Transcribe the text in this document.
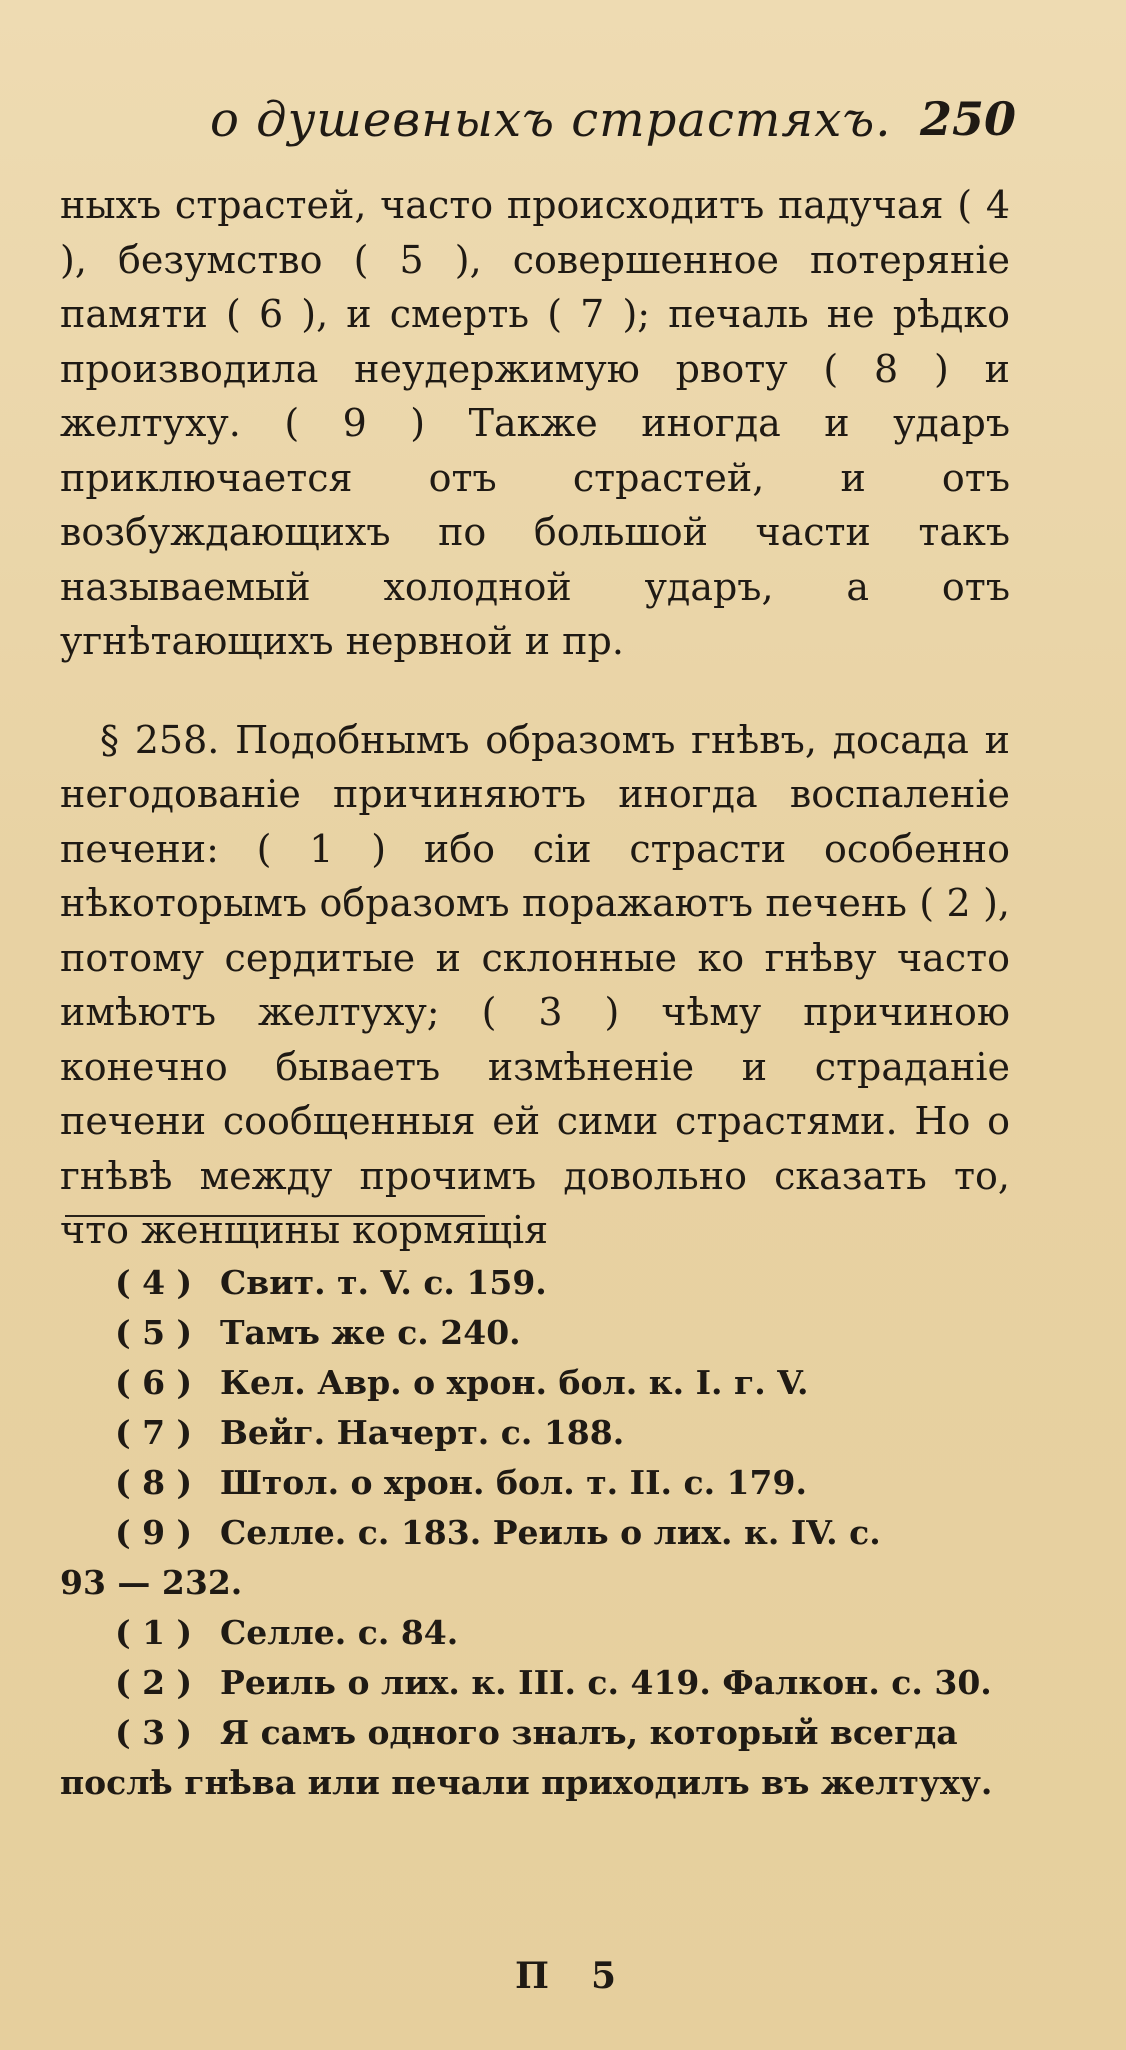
о душевныхъ страстяхъ. 250

ныхъ страстей, часто происходитъ падучая ( 4 ), безумство ( 5 ), совершенное потеряніе памяти ( 6 ), и смерть ( 7 ); печаль не рѣдко производила неудержимую рвоту ( 8 ) и желтуху. ( 9 ) Также иногда и ударъ приключается отъ страстей, и отъ возбуждающихъ по большой части такъ называемый холодной ударъ, а отъ угнѣтающихъ нервной и пр.

§ 258. Подобнымъ образомъ гнѣвъ, досада и негодованіе причиняютъ иногда воспаленіе печени: ( 1 ) ибо сіи страсти особенно нѣкоторымъ образомъ поражаютъ печень ( 2 ), потому сердитые и склонные ко гнѣву часто имѣютъ желтуху; ( 3 ) чѣму причиною конечно бываетъ измѣненіе и страданіе печени сообщенныя ей сими страстями. Но о гнѣвѣ между прочимъ довольно сказать то, что женщины кормящія

( 4 ) Свит. т. V. с. 159.
( 5 ) Тамъ же с. 240.
( 6 ) Кел. Авр. о хрон. бол. к. I. г. V.
( 7 ) Вейг. Начерт. с. 188.
( 8 ) Штол. о хрон. бол. т. II. с. 179.
( 9 ) Селле. с. 183. Реиль о лих. к. IV. с.
93 — 232.
( 1 ) Селле. с. 84.
( 2 ) Реиль о лих. к. III. с. 419. Фалкон. с. 30.
( 3 ) Я самъ одного зналъ, который всегда
послѣ гнѣва или печали приходилъ въ желтуху.
П 5
